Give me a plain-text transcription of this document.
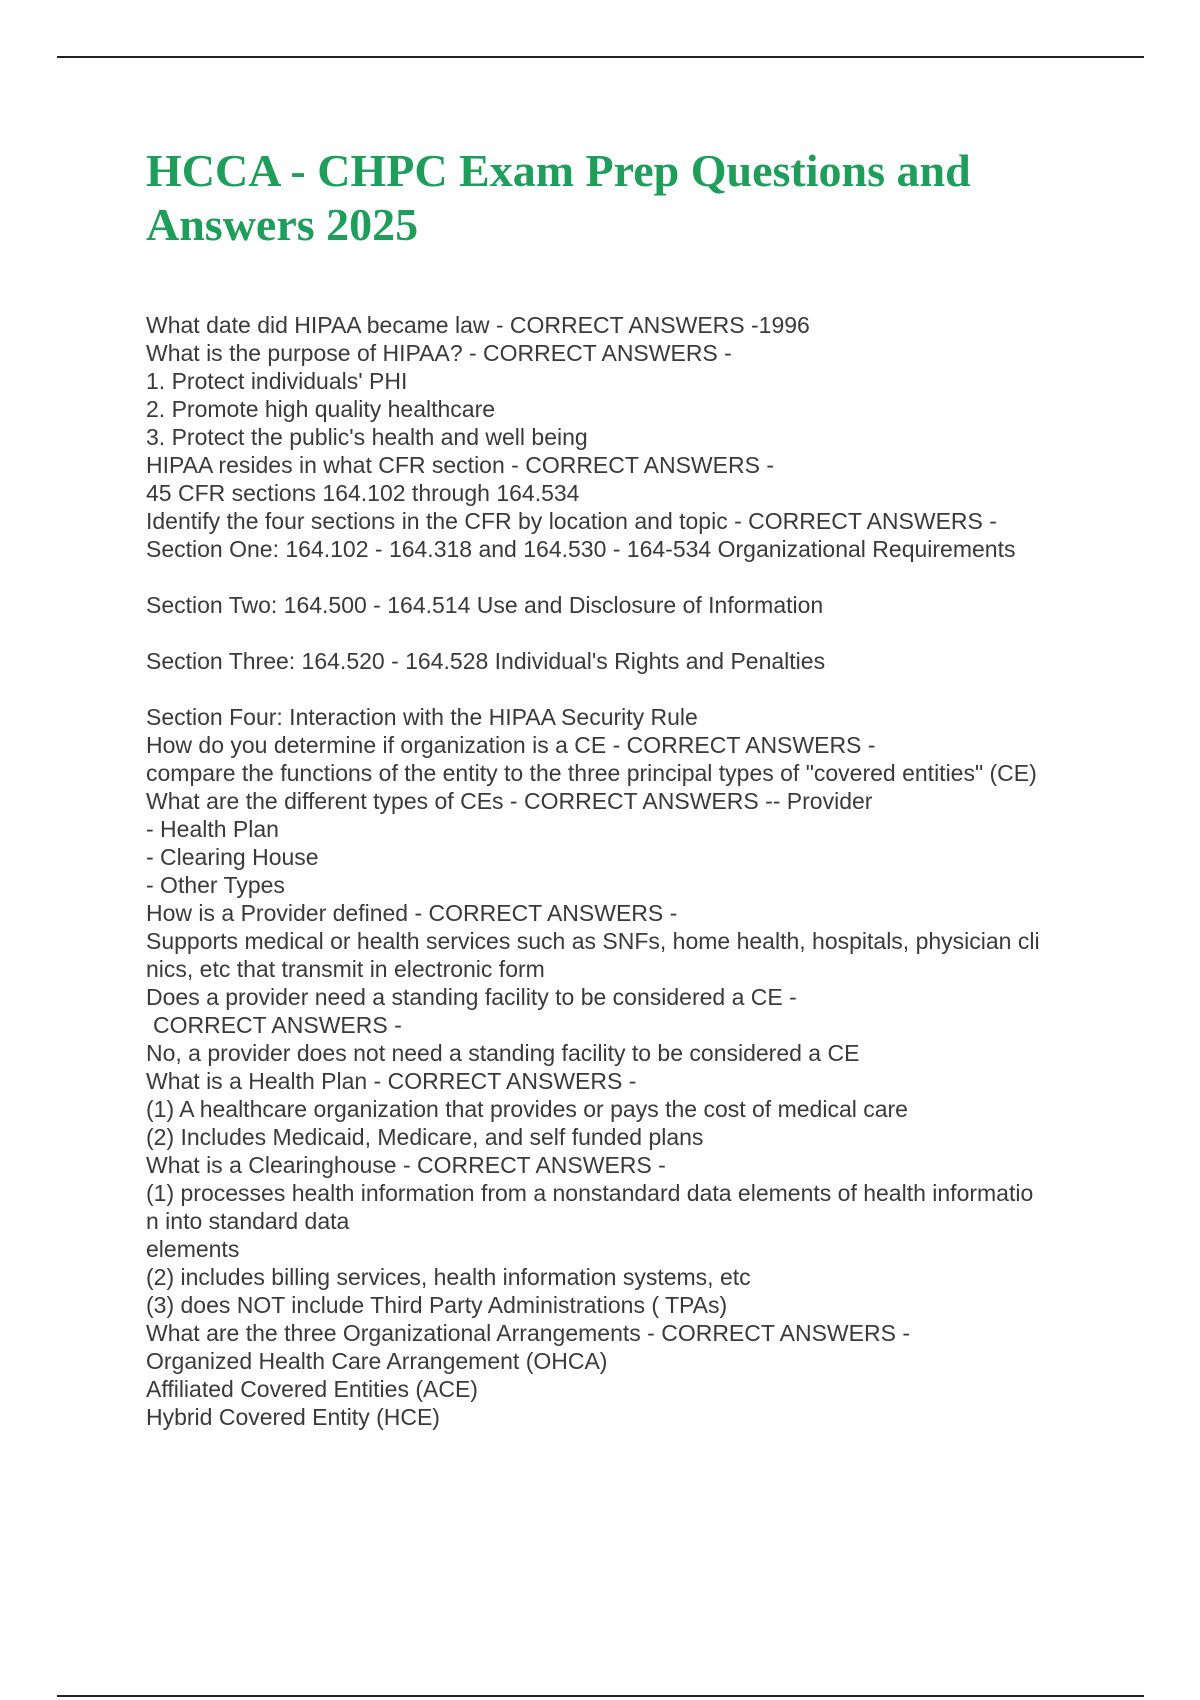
HCCA - CHPC Exam Prep Questions and
Answers 2025
What date did HIPAA became law - CORRECT ANSWERS -1996
What is the purpose of HIPAA? - CORRECT ANSWERS -
1. Protect individuals' PHI
2. Promote high quality healthcare
3. Protect the public's health and well being
HIPAA resides in what CFR section - CORRECT ANSWERS -
45 CFR sections 164.102 through 164.534
Identify the four sections in the CFR by location and topic - CORRECT ANSWERS -
Section One: 164.102 - 164.318 and 164.530 - 164-534 Organizational Requirements
Section Two: 164.500 - 164.514 Use and Disclosure of Information
Section Three: 164.520 - 164.528 Individual's Rights and Penalties
Section Four: Interaction with the HIPAA Security Rule
How do you determine if organization is a CE - CORRECT ANSWERS -
compare the functions of the entity to the three principal types of "covered entities" (CE)
What are the different types of CEs - CORRECT ANSWERS -- Provider
- Health Plan
- Clearing House
- Other Types
How is a Provider defined - CORRECT ANSWERS -
Supports medical or health services such as SNFs, home health, hospitals, physician cli
nics, etc that transmit in electronic form
Does a provider need a standing facility to be considered a CE -
CORRECT ANSWERS -
No, a provider does not need a standing facility to be considered a CE
What is a Health Plan - CORRECT ANSWERS -
(1) A healthcare organization that provides or pays the cost of medical care
(2) Includes Medicaid, Medicare, and self funded plans
What is a Clearinghouse - CORRECT ANSWERS -
(1) processes health information from a nonstandard data elements of health informatio
n into standard data
elements
(2) includes billing services, health information systems, etc
(3) does NOT include Third Party Administrations ( TPAs)
What are the three Organizational Arrangements - CORRECT ANSWERS -
Organized Health Care Arrangement (OHCA)
Affiliated Covered Entities (ACE)
Hybrid Covered Entity (HCE)
